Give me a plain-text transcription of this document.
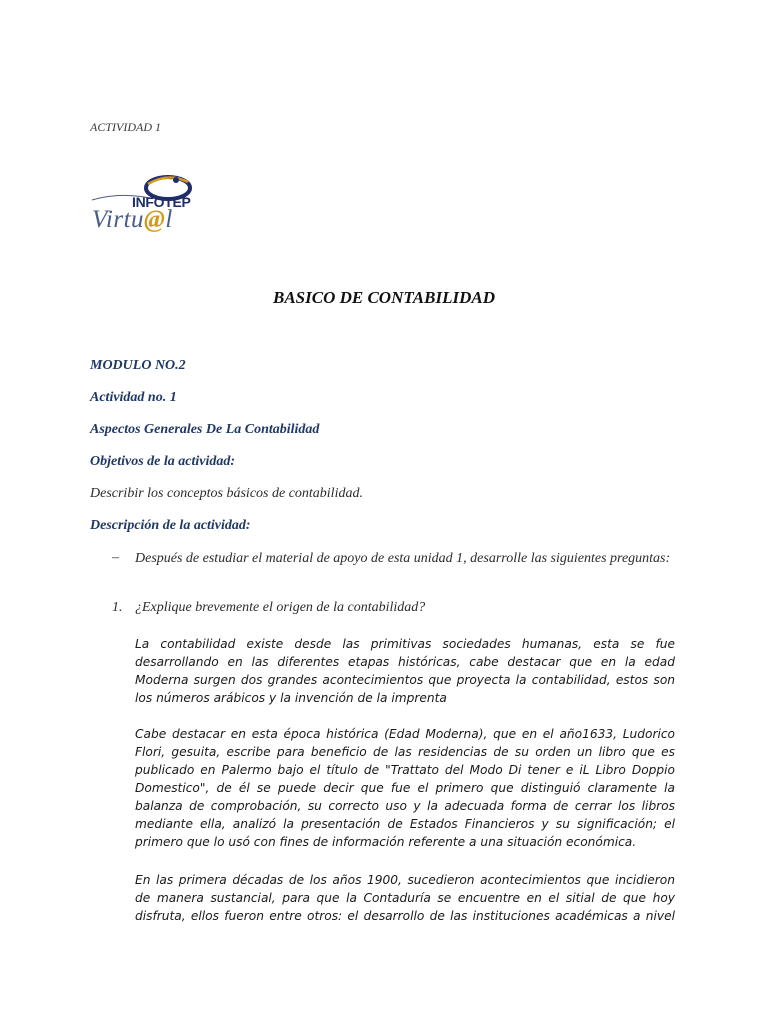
ACTIVIDAD 1
INFOTEP
Virtu@l
BASICO DE CONTABILIDAD
MODULO NO.2
Actividad no. 1
Aspectos Generales De La Contabilidad
Objetivos de la actividad:
Describir los conceptos básicos de contabilidad.
Descripción de la actividad:
– Después de estudiar el material de apoyo de esta unidad 1, desarrolle las siguientes preguntas:
1. ¿Explique brevemente el origen de la contabilidad?
La contabilidad existe desde las primitivas sociedades humanas, esta se fue desarrollando en las diferentes etapas históricas, cabe destacar que en la edad Moderna surgen dos grandes acontecimientos que proyecta la contabilidad, estos son los números arábicos y la invención de la imprenta
Cabe destacar en esta época histórica (Edad Moderna), que en el año1633, Ludorico Flori, gesuita, escribe para beneficio de las residencias de su orden un libro que es publicado en Palermo bajo el título de "Trattato del Modo Di tener e iL Libro Doppio Domestico", de él se puede decir que fue el primero que distinguió claramente la balanza de comprobación, su correcto uso y la adecuada forma de cerrar los libros mediante ella, analizó la presentación de Estados Financieros y su significación; el primero que lo usó con fines de información referente a una situación económica.
En las primera décadas de los años 1900, sucedieron acontecimientos que incidieron de manera sustancial, para que la Contaduría se encuentre en el sitial de que hoy disfruta, ellos fueron entre otros: el desarrollo de las instituciones académicas a nivel
